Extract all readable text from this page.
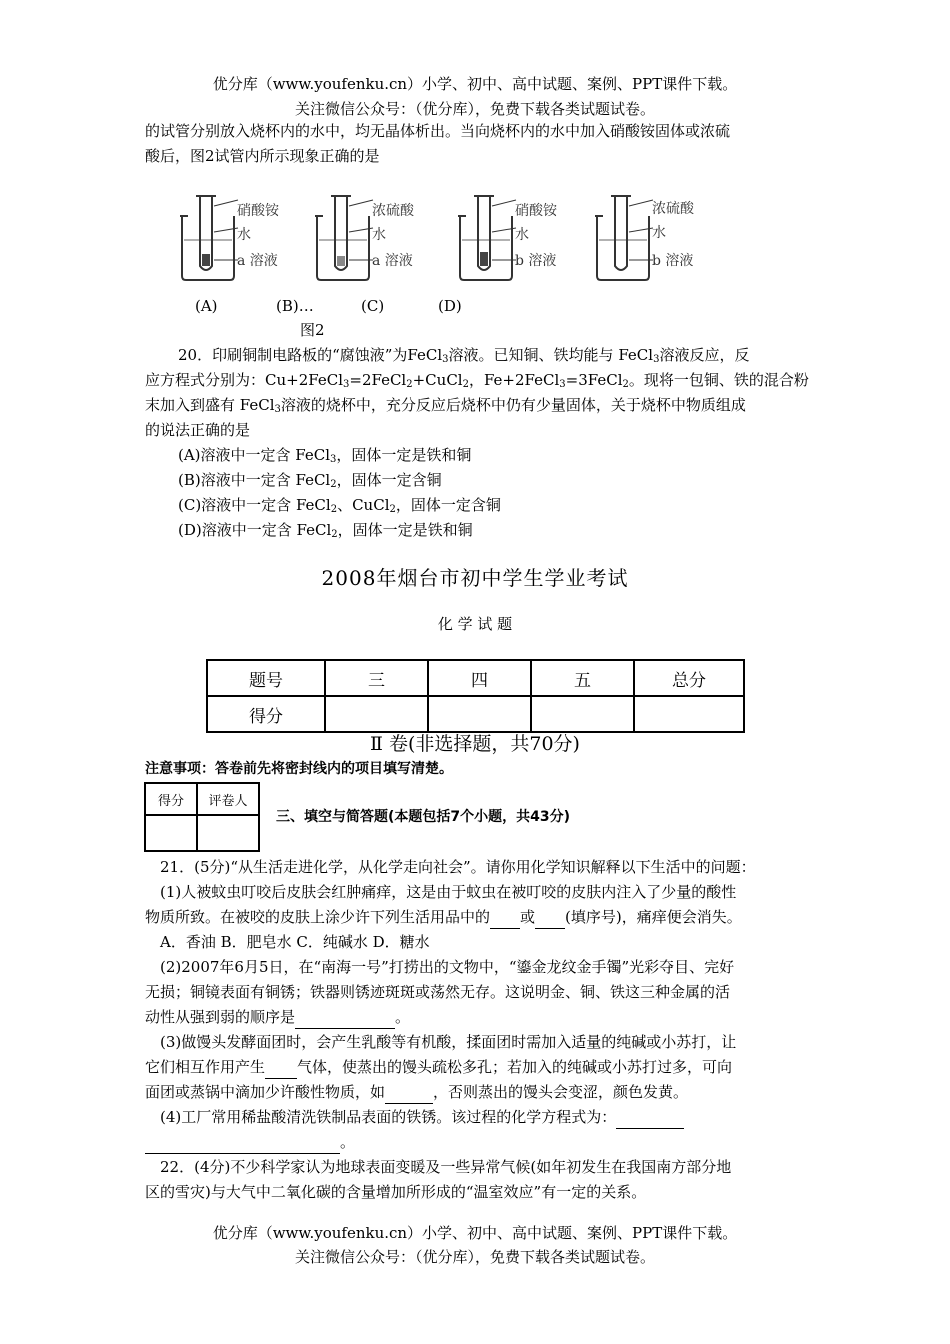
优分库（www.youfenku.cn）小学、初中、高中试题、案例、PPT课件下载。
关注微信公众号：（优分库），免费下载各类试题试卷。
的试管分别放入烧杯内的水中，均无晶体析出。当向烧杯内的水中加入硝酸铵固体或浓硫
酸后，图2试管内所示现象正确的是
硝酸铵
水
a 溶液
浓硫酸
水
a 溶液
硝酸铵
水
b 溶液
浓硫酸
水
b 溶液
(A)	(B)…	(C)	(D)
图2
20．印刷铜制电路板的“腐蚀液”为FeCl$_3$溶液。已知铜、铁均能与 FeCl$_3$溶液反应，反
应方程式分别为：Cu+2FeCl$_3$=2FeCl$_2$+CuCl$_2$，Fe+2FeCl$_3$=3FeCl$_2$。现将一包铜、铁的混合粉
末加入到盛有 FeCl$_3$溶液的烧杯中，充分反应后烧杯中仍有少量固体，关于烧杯中物质组成
的说法正确的是
(A)溶液中一定含 FeCl$_3$，固体一定是铁和铜
(B)溶液中一定含 FeCl$_2$，固体一定含铜
(C)溶液中一定含 FeCl$_2$、CuCl$_2$，固体一定含铜
(D)溶液中一定含 FeCl$_2$，固体一定是铁和铜
2008年烟台市初中学生学业考试
化 学 试 题
题号	三	四	五	总分
得分				
Ⅱ 卷(非选择题，共70分)
注意事项：答卷前先将密封线内的项目填写清楚。
得分	评卷人

三、填空与简答题(本题包括7个小题，共43分)
21．(5分)“从生活走进化学，从化学走向社会”。请你用化学知识解释以下生活中的问题：
(1)人被蚊虫叮咬后皮肤会红肿痛痒，这是由于蚊虫在被叮咬的皮肤内注入了少量的酸性
物质所致。在被咬的皮肤上涂少许下列生活用品中的 或 (填序号)，痛痒便会消失。
A．香油 B．肥皂水 C．纯碱水 D．糖水
(2)2007年6月5日，在“南海一号”打捞出的文物中，“鎏金龙纹金手镯”光彩夺目、完好
无损；铜镜表面有铜锈；铁器则锈迹斑斑或荡然无存。这说明金、铜、铁这三种金属的活
动性从强到弱的顺序是	。
(3)做馒头发酵面团时，会产生乳酸等有机酸，揉面团时需加入适量的纯碱或小苏打，让
它们相互作用产生 气体，使蒸出的馒头疏松多孔；若加入的纯碱或小苏打过多，可向
面团或蒸锅中滴加少许酸性物质，如	，否则蒸出的馒头会变涩，颜色发黄。
(4)工厂常用稀盐酸清洗铁制品表面的铁锈。该过程的化学方程式为：
。
22．(4分)不少科学家认为地球表面变暖及一些异常气候(如年初发生在我国南方部分地
区的雪灾)与大气中二氧化碳的含量增加所形成的“温室效应”有一定的关系。
优分库（www.youfenku.cn）小学、初中、高中试题、案例、PPT课件下载。
关注微信公众号：（优分库），免费下载各类试题试卷。
